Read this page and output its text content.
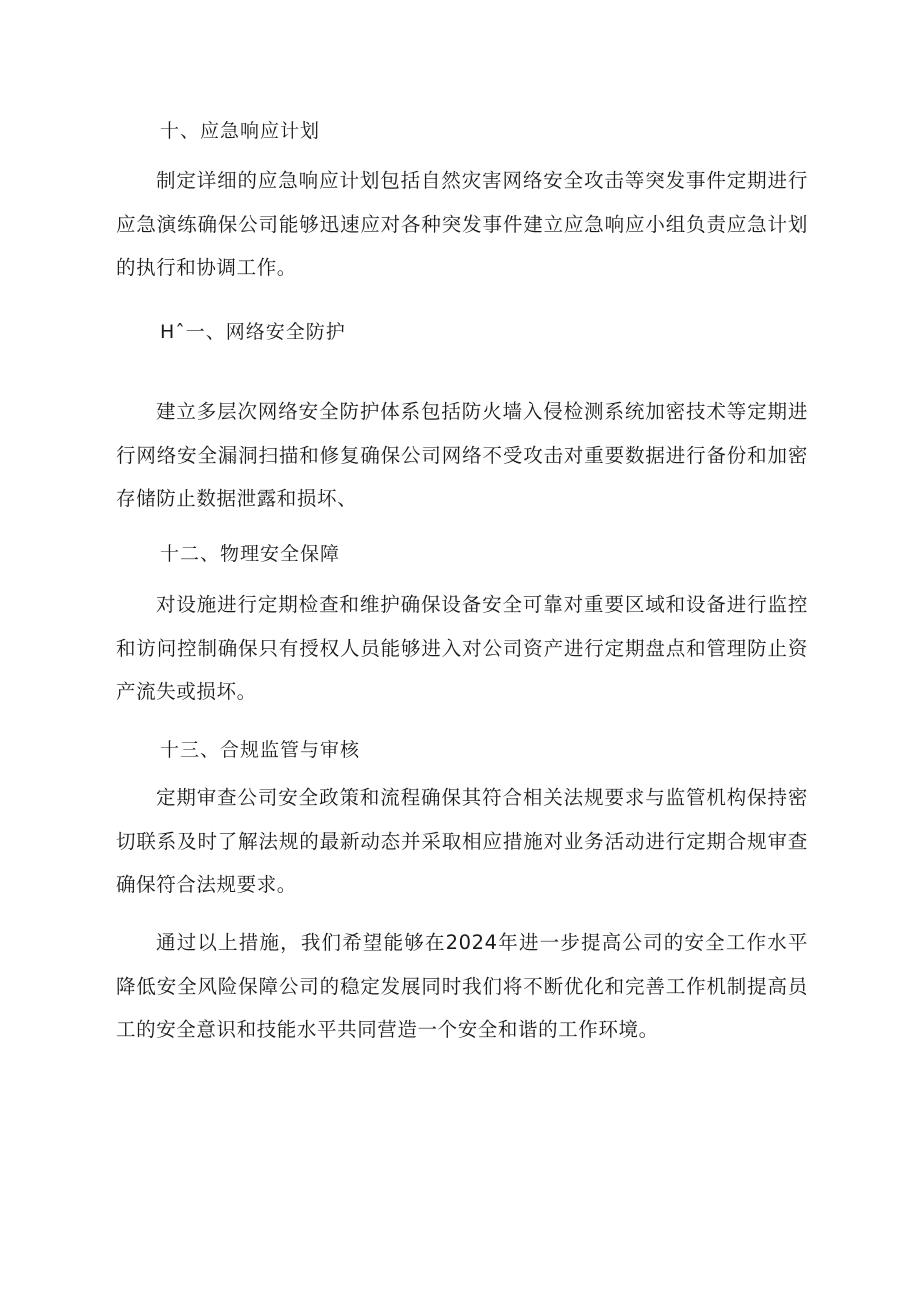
十、应急响应计划

制定详细的应急响应计划包括自然灾害网络安全攻击等突发事件定期进行应急演练确保公司能够迅速应对各种突发事件建立应急响应小组负责应急计划的执行和协调工作。

Hˆ一、网络安全防护

建立多层次网络安全防护体系包括防火墙入侵检测系统加密技术等定期进行网络安全漏洞扫描和修复确保公司网络不受攻击对重要数据进行备份和加密存储防止数据泄露和损坏、

十二、物理安全保障

对设施进行定期检查和维护确保设备安全可靠对重要区域和设备进行监控和访问控制确保只有授权人员能够进入对公司资产进行定期盘点和管理防止资产流失或损坏。

十三、合规监管与审核

定期审查公司安全政策和流程确保其符合相关法规要求与监管机构保持密切联系及时了解法规的最新动态并采取相应措施对业务活动进行定期合规审查确保符合法规要求。

通过以上措施，我们希望能够在2024年进一步提高公司的安全工作水平降低安全风险保障公司的稳定发展同时我们将不断优化和完善工作机制提高员工的安全意识和技能水平共同营造一个安全和谐的工作环境。
